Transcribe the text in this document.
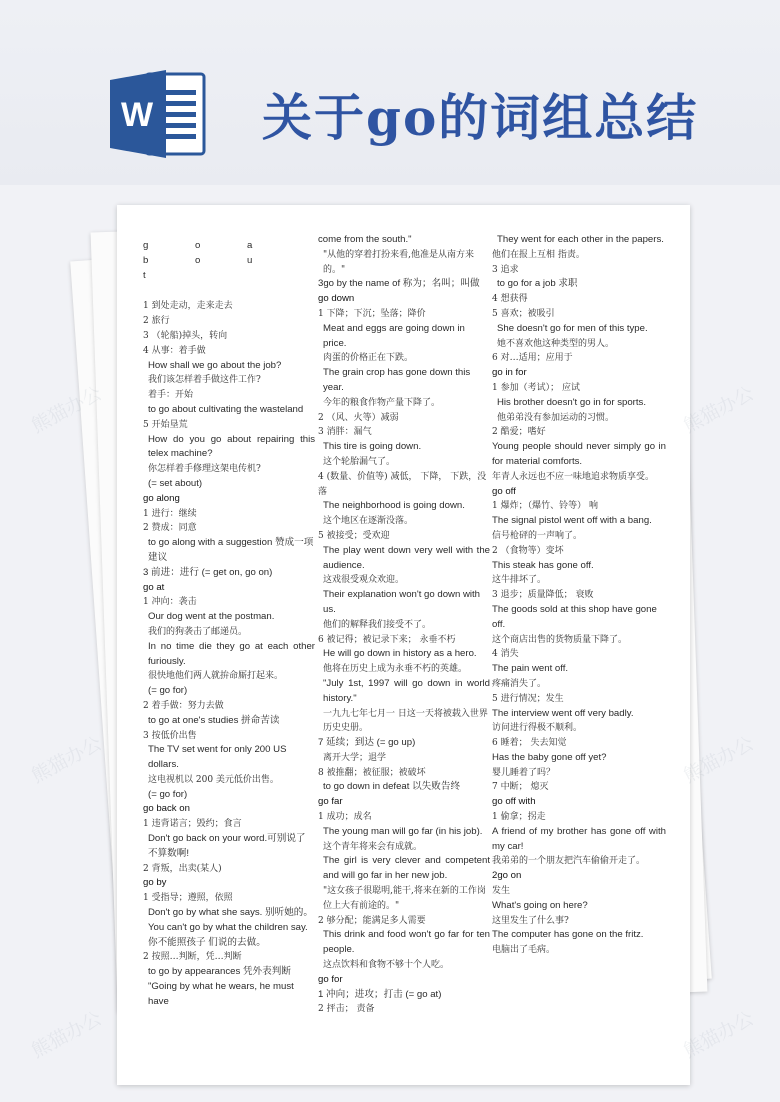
W 关于go的词组总结
g o a b o u t
1 到处走动，走来走去
2 旅行
3 （轮船)掉头，转向
4 从事：着手做
How shall we go about the job?
我们该怎样着手做这件工作?
着手：开始
to go about cultivating the wasteland
5 开始垦荒
How do you go about repairing this telex machine?
你怎样着手修理这架电传机?
(= set about)
go along
1 进行：继续
2 赞成：同意
to go along with a suggestion 赞成一项建议
3 前进：进行 (= get on, go on)
go at
1 冲向：袭击
Our dog went at the postman.
我们的狗袭击了邮递员。
In no time die they go at each other furiously.
很快地他们两人就拚命厮打起来。
(= go for)
2 着手做：努力去做
to go at one's studies 拼命苦读
3 按低价出售
The TV set went for only 200 US dollars.
这电视机以 200 美元低价出售。
(= go for)
go back on
1 违背诺言；毁约；食言
Don't go back on your word.可别说了不算数啊!
2 背叛，出卖(某人)
go by
1 受指导；遵照，依照
Don't go by what she says. 别听她的。
You can't go by what the children say.你不能照孩子 们说的去做。
2 按照…判断，凭…判断
to go by appearances 凭外表判断
"Going by what he wears, he must have
come from the south."
"从他的穿着打扮来看,他准是从南方来的。"
3go by the name of 称为；名叫；叫做
go down
1 下降；下沉；坠落；降价
Meat and eggs are going down in price.
肉蛋的价格正在下跌。
The grain crop has gone down this year.
今年的粮食作物产量下降了。
2 （风、火等）减弱
3 消胖：漏气
This tire is going down.
这个轮胎漏气了。
4 (数量、价值等) 减低， 下降， 下跌，没落
The neighborhood is going down.
这个地区在逐渐没落。
5 被接受；受欢迎
The play went down very well with the audience.
这戏很受观众欢迎。
Their explanation won't go down with us.
他们的解释我们接受不了。
6 被记得；被记录下来； 永垂不朽
He will go down in history as a hero.
他将在历史上成为永垂不朽的英雄。
"July 1st, 1997 will go down in world history."
一九九七年七月一 日这一天将被载入世界历史史册。
7 延续；到达 (= go up)
离开大学；退学
8 被推翻；被征服；被破坏
to go down in defeat 以失败告终
go far
1 成功；成名
The young man will go far (in his job).
这个青年将来会有成就。
The girl is very clever and competent and will go far in her new job.
"这女孩子很聪明,能干,将来在新的工作岗位上大有前途的。"
2 够分配；能满足多人需要
This drink and food won't go far for ten people.
这点饮料和食物不够十个人吃。
go for
1 冲向；进攻；打击 (= go at)
2 抨击； 责备
They went for each other in the papers.
他们在报上互相 指责。
3 追求
to go for a job 求职
4 想获得
5 喜欢；被吸引
She doesn't go for men of this type.
她不喜欢他这种类型的男人。
6 对…适用；应用于
go in for
1 参加（考试）； 应试
His brother doesn't go in for sports.
他弟弟没有参加运动的习惯。
2 酷爱；嗜好
Young people should never simply go in for material comforts.
年青人永远也不应一味地追求物质享受。
go off
1 爆炸；（爆竹、铃等） 响
The signal pistol went off with a bang.
信号枪砰的一声响了。
2 （食物等）变坏
This steak has gone off.
这牛排坏了。
3 退步；质量降低； 衰败
The goods sold at this shop have gone off.
这个商店出售的货物质量下降了。
4 消失
The pain went off.
疼痛消失了。
5 进行情况；发生
The interview went off very badly.
访问进行得极不顺利。
6 睡着； 失去知觉
Has the baby gone off yet?
婴儿睡着了吗？
7 中断； 熄灭
go off with
1 偷拿；拐走
A friend of my brother has gone off with my car!
我弟弟的一个朋友把汽车偷偷开走了。
2go on
发生
What's going on here?
这里发生了什么事?
The computer has gone on the fritz.
电脑出了毛病。
熊猫办公
熊猫办公
熊猫办公
熊猫办公
熊猫办公
熊猫办公
